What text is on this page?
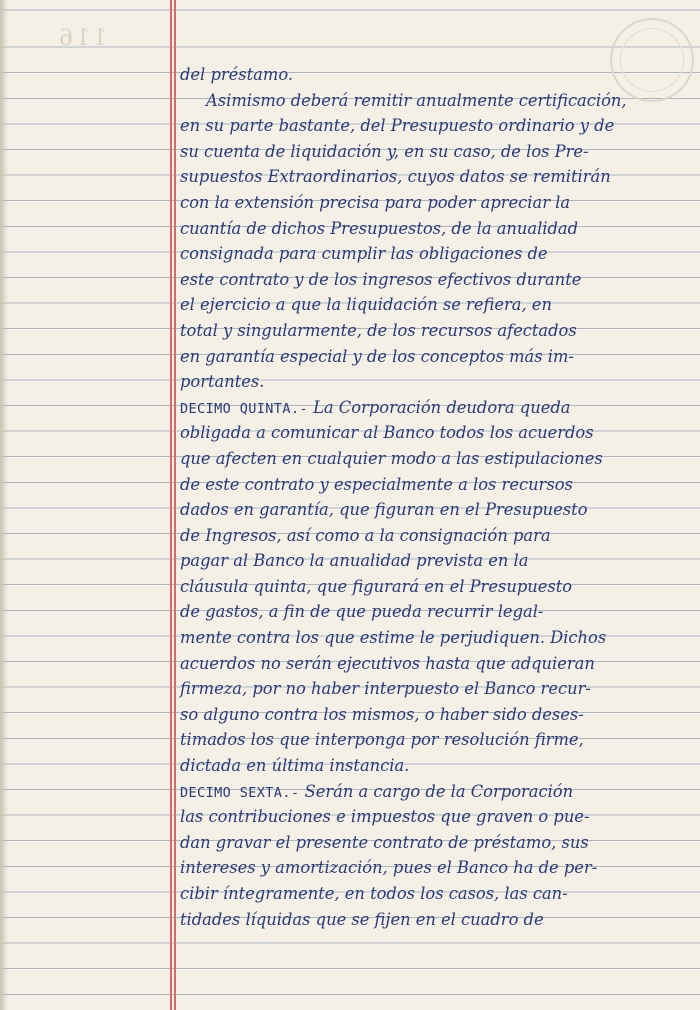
116
del préstamo.
Asimismo deberá remitir anualmente certificación,
en su parte bastante, del Presupuesto ordinario y de
su cuenta de liquidación y, en su caso, de los Pre-
supuestos Extraordinarios, cuyos datos se remitirán
con la extensión precisa para poder apreciar la
cuantía de dichos Presupuestos, de la anualidad
consignada para cumplir las obligaciones de
este contrato y de los ingresos efectivos durante
el ejercicio a que la liquidación se refiera, en
total y singularmente, de los recursos afectados
en garantía especial y de los conceptos más im-
portantes.
DECIMO QUINTA.- La Corporación deudora queda
obligada a comunicar al Banco todos los acuerdos
que afecten en cualquier modo a las estipulaciones
de este contrato y especialmente a los recursos
dados en garantía, que figuran en el Presupuesto
de Ingresos, así como a la consignación para
pagar al Banco la anualidad prevista en la
cláusula quinta, que figurará en el Presupuesto
de gastos, a fin de que pueda recurrir legal-
mente contra los que estime le perjudiquen. Dichos
acuerdos no serán ejecutivos hasta que adquieran
firmeza, por no haber interpuesto el Banco recur-
so alguno contra los mismos, o haber sido deses-
timados los que interponga por resolución firme,
dictada en última instancia.
DECIMO SEXTA.- Serán a cargo de la Corporación
las contribuciones e impuestos que graven o pue-
dan gravar el presente contrato de préstamo, sus
intereses y amortización, pues el Banco ha de per-
cibir íntegramente, en todos los casos, las can-
tidades líquidas que se fijen en el cuadro de
